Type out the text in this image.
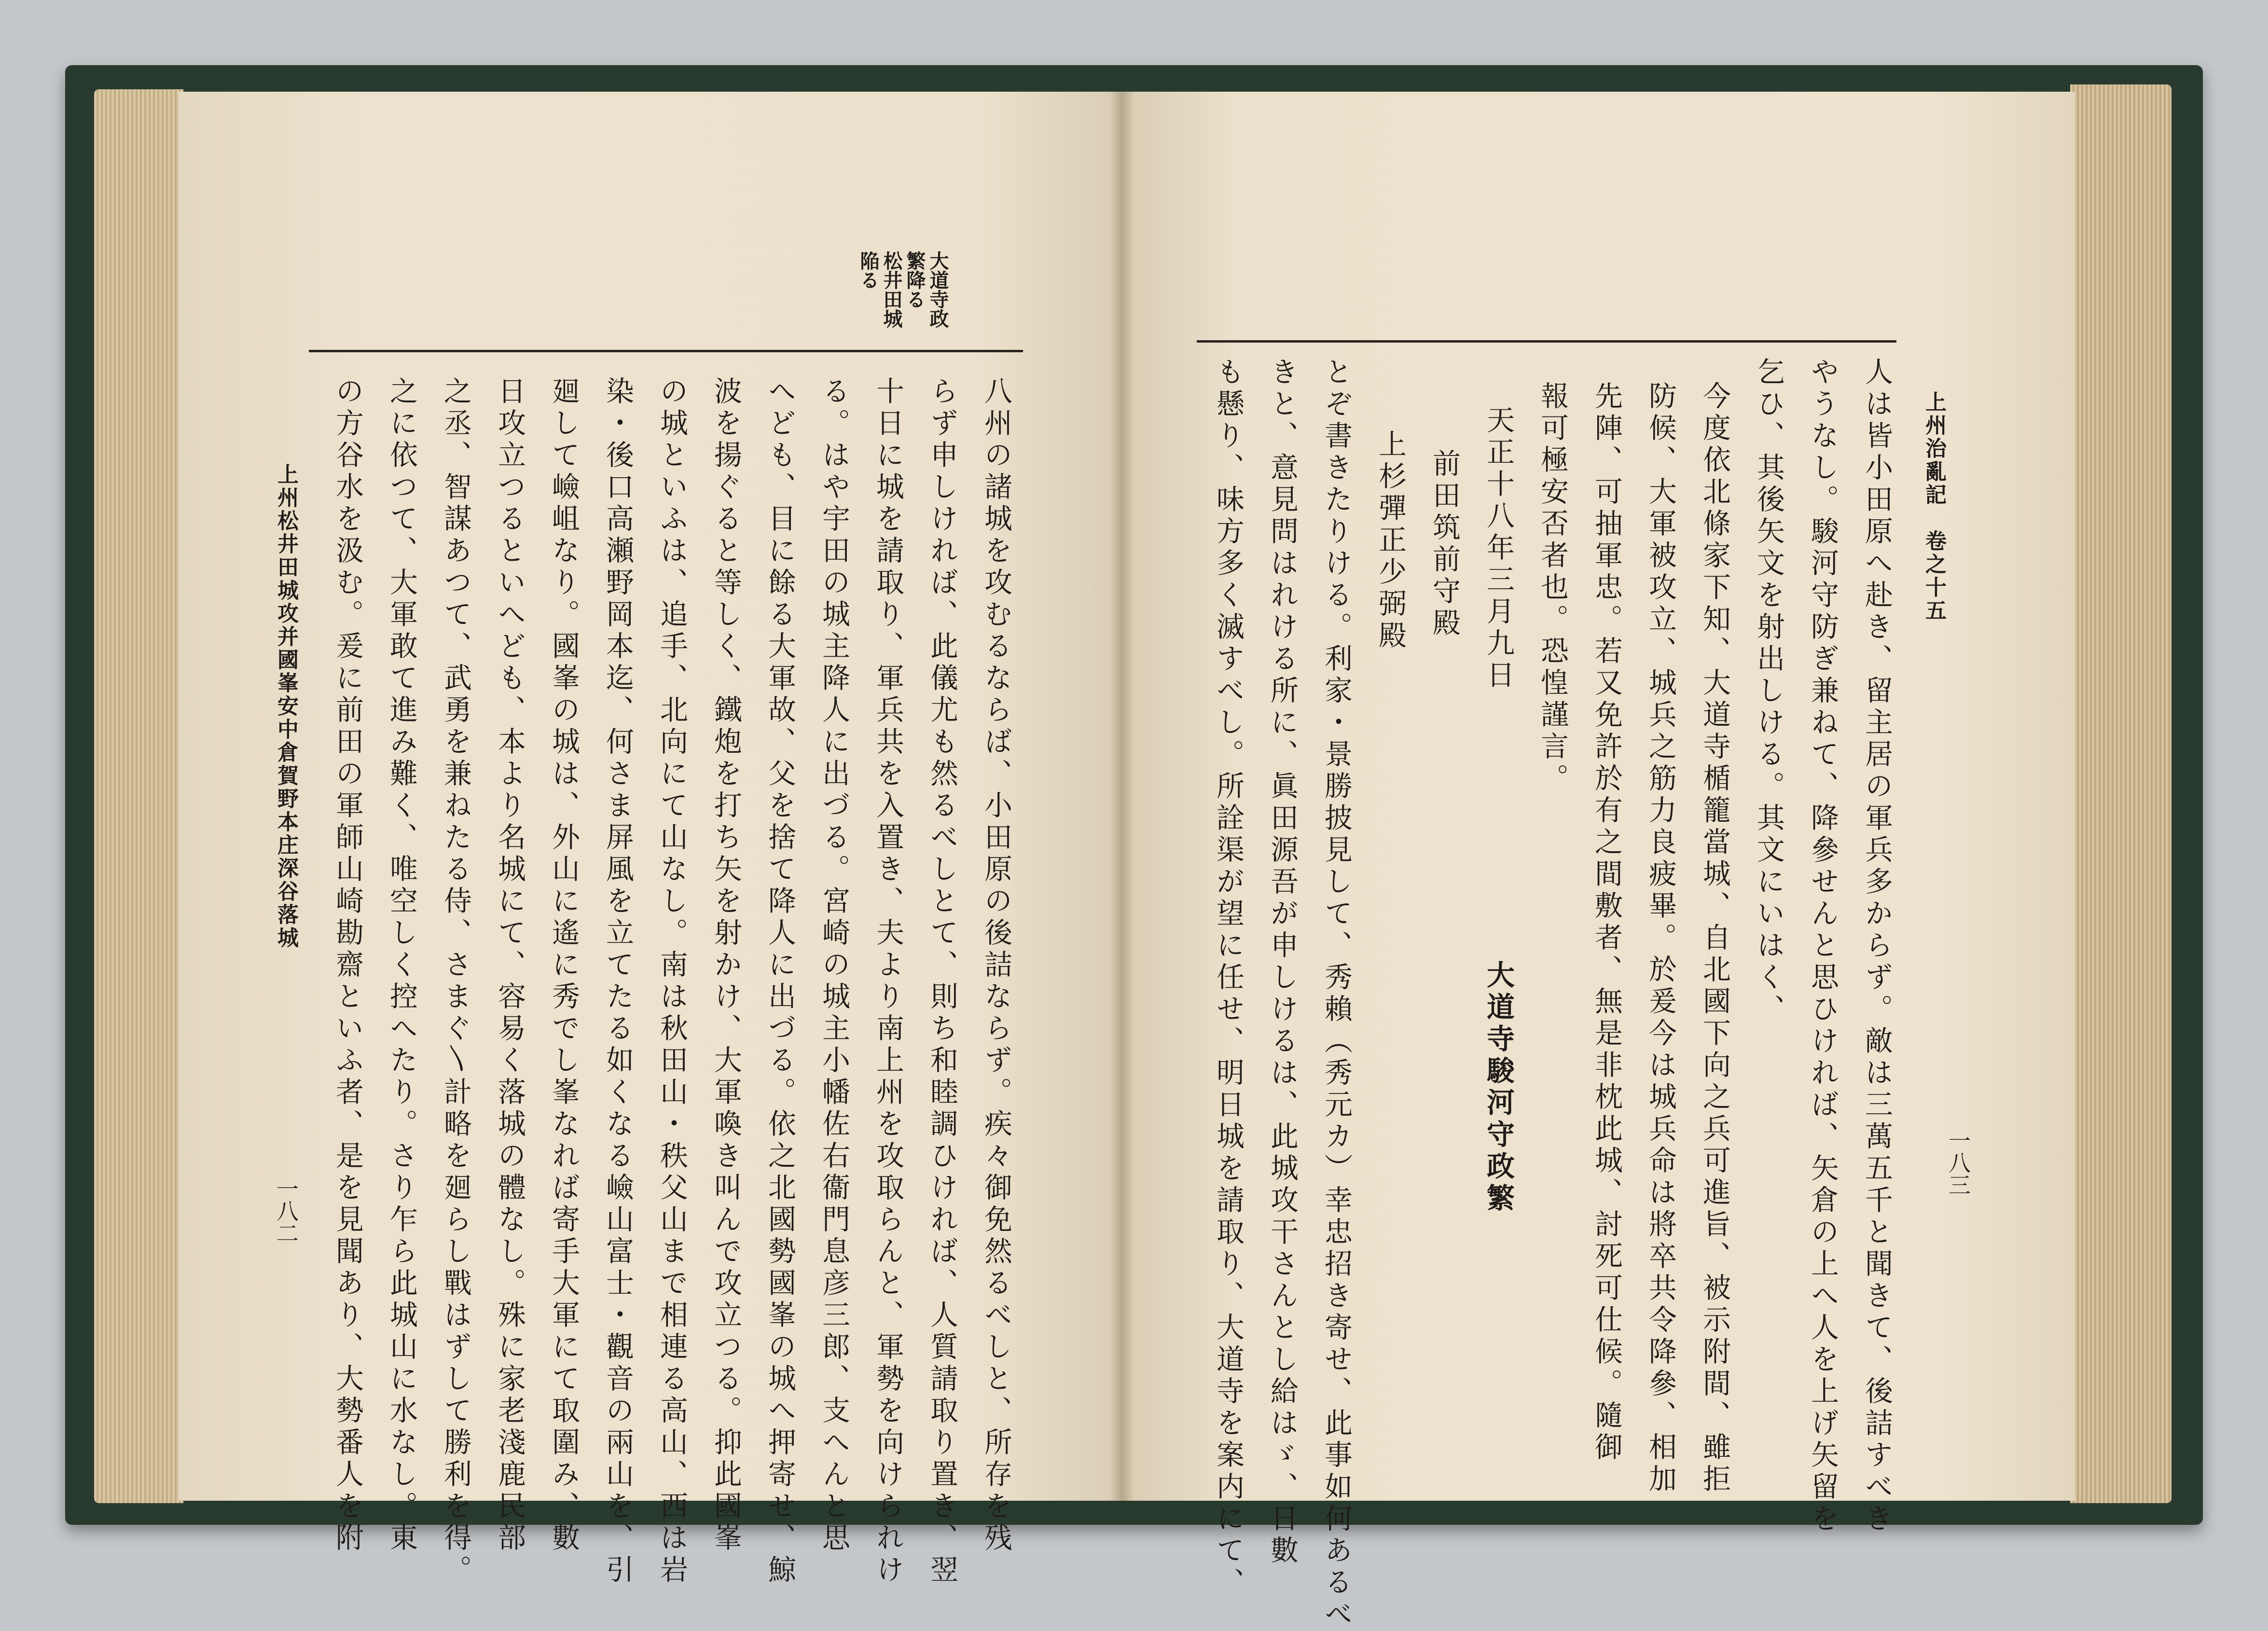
大道寺政
繁降る
松井田城
陥る
八州の諸城を攻むるならば、小田原の後詰ならず。疾々御免然るべしと、所存を残
らず申しければ、此儀尤も然るべしとて、則ち和睦調ひければ、人質請取り置き、翌
十日に城を請取り、軍兵共を入置き、夫より南上州を攻取らんと、軍勢を向けられけ
る。はや宇田の城主降人に出づる。宮崎の城主小幡佐右衞門息彦三郎、支へんと思
へども、目に餘る大軍故、父を捨て降人に出づる。依之北國勢國峯の城へ押寄せ、鯨
波を揚ぐると等しく、鐵炮を打ち矢を射かけ、大軍喚き叫んで攻立つる。抑此國峯
の城といふは、追手、北向にて山なし。南は秋田山・秩父山まで相連る高山、西は岩
染・後口高瀬野岡本迄、何さま屏風を立てたる如くなる嶮山富士・觀音の兩山を、引
廻して嶮岨なり。國峯の城は、外山に遙に秀でし峯なれば寄手大軍にて取圍み、數
日攻立つるといへども、本より名城にて、容易く落城の體なし。殊に家老淺鹿民部
之丞、智謀あつて、武勇を兼ねたる侍、さまぐ〵計略を廻らし戰はずして勝利を得。
之に依つて、大軍敢て進み難く、唯空しく控へたり。さり乍ら此城山に水なし。東
の方谷水を汲む。爰に前田の軍師山崎勘齋といふ者、是を見聞あり、大勢番人を附
上州松井田城攻并國峯安中倉賀野本庄深谷落城
一八二
上州治亂記　卷之十五
一八三
人は皆小田原へ赴き、留主居の軍兵多からず。敵は三萬五千と聞きて、後詰すべき
やうなし。駿河守防ぎ兼ねて、降參せんと思ひければ、矢倉の上へ人を上げ矢留を
乞ひ、其後矢文を射出しける。其文にいはく、
今度依北條家下知、大道寺楯籠當城、自北國下向之兵可進旨、被示附間、雖拒
防候、大軍被攻立、城兵之筋力良疲畢。於爰今は城兵命は將卒共令降參、相加
先陣、可抽軍忠。若又免許於有之間敷者、無是非枕此城、討死可仕候。隨御
報可極安否者也。恐惶謹言。
天正十八年三月九日
大道寺駿河守政繁
前田筑前守殿
上杉彈正少弼殿
とぞ書きたりける。利家・景勝披見して、秀賴（秀元カ）幸忠招き寄せ、此事如何あるべ
きと、意見問はれける所に、眞田源吾が申しけるは、此城攻干さんとし給はゞ、日數
も懸り、味方多く滅すべし。所詮渠が望に任せ、明日城を請取り、大道寺を案内にて、
